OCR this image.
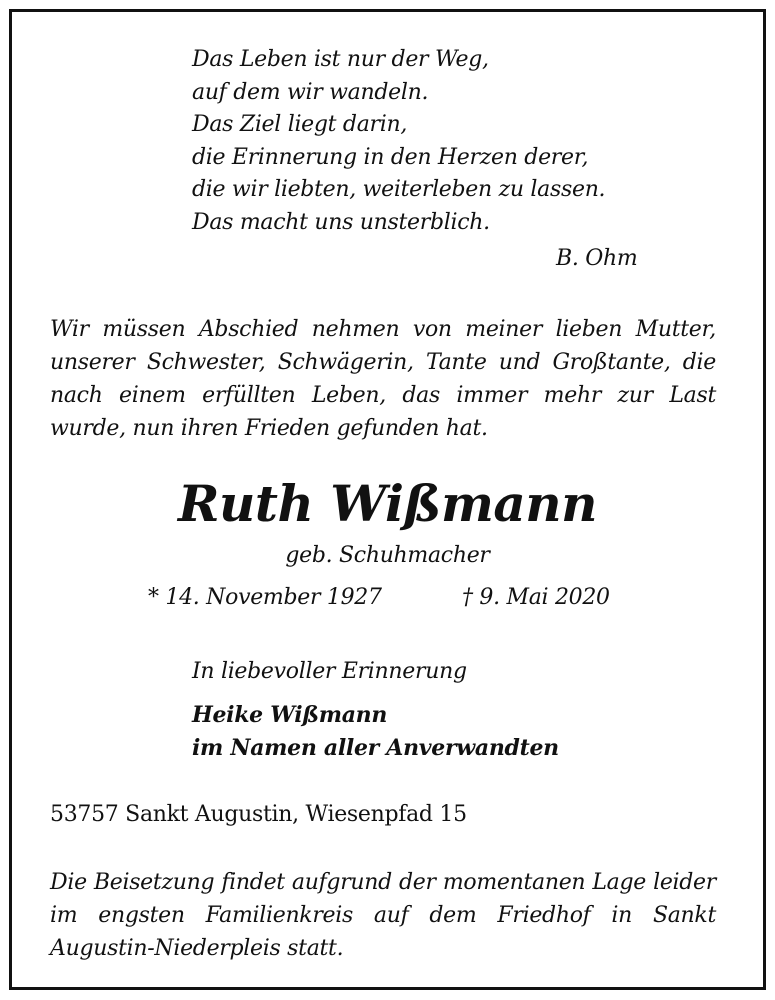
Das Leben ist nur der Weg,
auf dem wir wandeln.
Das Ziel liegt darin,
die Erinnerung in den Herzen derer,
die wir liebten, weiterleben zu lassen.
Das macht uns unsterblich.
B. Ohm
Wir müssen Abschied nehmen von meiner lieben Mutter, unserer Schwester, Schwägerin, Tante und Großtante, die nach einem erfüllten Leben, das immer mehr zur Last wurde, nun ihren Frieden gefunden hat.
Ruth Wißmann
geb. Schuhmacher
* 14. November 1927	† 9. Mai 2020
In liebevoller Erinnerung
Heike Wißmann
im Namen aller Anverwandten
53757 Sankt Augustin, Wiesenpfad 15
Die Beisetzung findet aufgrund der momentanen Lage leider im engsten Familienkreis auf dem Friedhof in Sankt Augustin-Niederpleis statt.
